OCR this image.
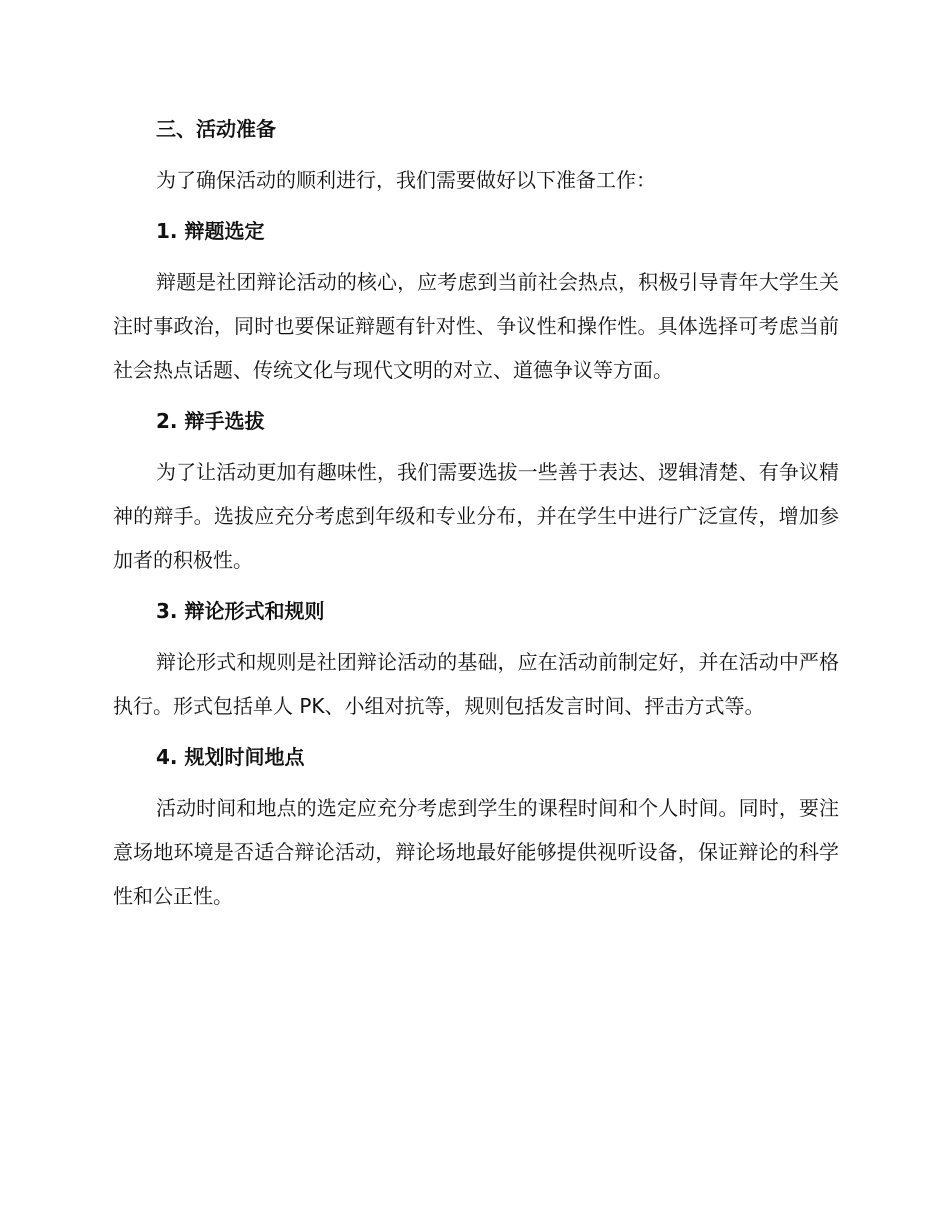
三、活动准备

为了确保活动的顺利进行，我们需要做好以下准备工作：

1. 辩题选定

辩题是社团辩论活动的核心，应考虑到当前社会热点，积极引导青年大学生关注时事政治，同时也要保证辩题有针对性、争议性和操作性。具体选择可考虑当前社会热点话题、传统文化与现代文明的对立、道德争议等方面。

2. 辩手选拔

为了让活动更加有趣味性，我们需要选拔一些善于表达、逻辑清楚、有争议精神的辩手。选拔应充分考虑到年级和专业分布，并在学生中进行广泛宣传，增加参加者的积极性。

3. 辩论形式和规则

辩论形式和规则是社团辩论活动的基础，应在活动前制定好，并在活动中严格执行。形式包括单人 PK、小组对抗等，规则包括发言时间、抨击方式等。

4. 规划时间地点

活动时间和地点的选定应充分考虑到学生的课程时间和个人时间。同时，要注意场地环境是否适合辩论活动，辩论场地最好能够提供视听设备，保证辩论的科学性和公正性。
